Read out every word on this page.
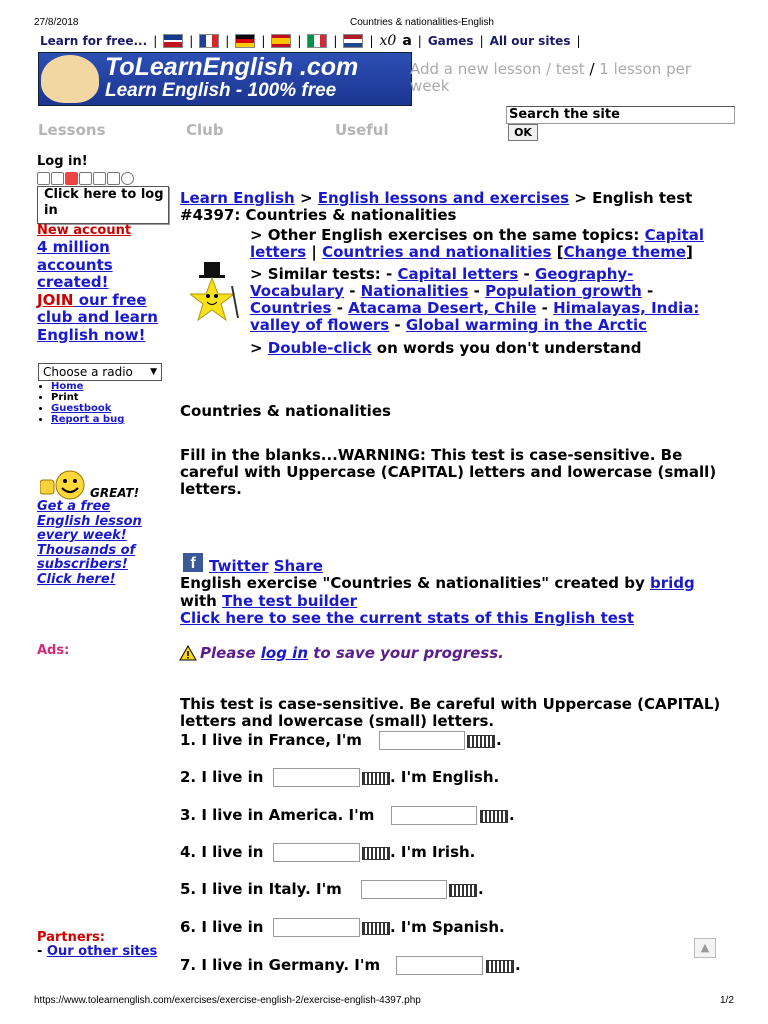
27/8/2018	Countries & nationalities-English
Learn for free... |	|	|	|	|	|	| x0 a | Games | All our sites |
ToLearnEnglish .com
Learn English - 100% free
Add a new lesson / test / 1 lesson per week
Search the site
OK
Lessons	Club	Useful
Log in!
Click here to log in
New account
4 million accounts created!
JOIN our free club and learn English now!
Choose a radio ▼
• Home
• Print
• Guestbook
• Report a bug
GREAT!
Get a free English lesson every week! Thousands of subscribers! Click here!
Ads:
Partners:
- Our other sites
Learn English > English lessons and exercises > English test #4397: Countries & nationalities
> Other English exercises on the same topics: Capital letters | Countries and nationalities [Change theme]
> Similar tests: - Capital letters - Geography-Vocabulary - Nationalities - Population growth - Countries - Atacama Desert, Chile - Himalayas, India: valley of flowers - Global warming in the Arctic
> Double-click on words you don't understand
Countries & nationalities
Fill in the blanks...WARNING: This test is case-sensitive. Be careful with Uppercase (CAPITAL) letters and lowercase (small) letters.
f Twitter Share
English exercise "Countries & nationalities" created by bridg
with The test builder
Click here to see the current stats of this English test
Please log in to save your progress.
This test is case-sensitive. Be careful with Uppercase (CAPITAL) letters and lowercase (small) letters.
1. I live in France, I'm	.
2. I live in	. I'm English.
3. I live in America. I'm	.
4. I live in	. I'm Irish.
5. I live in Italy. I'm	.
6. I live in	. I'm Spanish.
7. I live in Germany. I'm	.
▲
https://www.tolearnenglish.com/exercises/exercise-english-2/exercise-english-4397.php	1/2
